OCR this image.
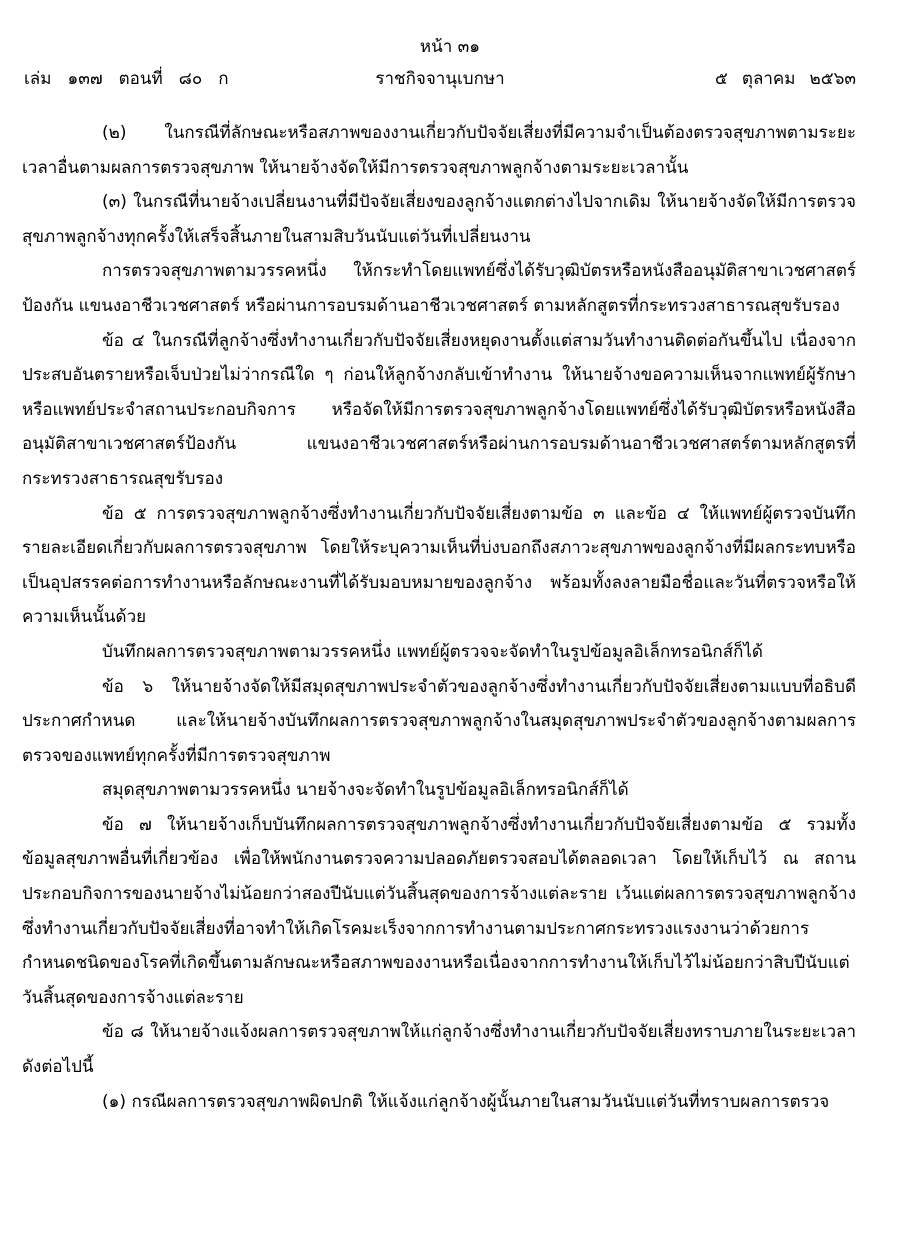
หน้า ๓๑
เล่ม ๑๓๗ ตอนที่ ๘๐ ก	ราชกิจจานุเบกษา	๕ ตุลาคม ๒๕๖๓

(๒) ในกรณีที่ลักษณะหรือสภาพของงานเกี่ยวกับปัจจัยเสี่ยงที่มีความจำเป็นต้องตรวจสุขภาพตามระยะเวลาอื่นตามผลการตรวจสุขภาพ ให้นายจ้างจัดให้มีการตรวจสุขภาพลูกจ้างตามระยะเวลานั้น

(๓) ในกรณีที่นายจ้างเปลี่ยนงานที่มีปัจจัยเสี่ยงของลูกจ้างแตกต่างไปจากเดิม ให้นายจ้างจัดให้มีการตรวจสุขภาพลูกจ้างทุกครั้งให้เสร็จสิ้นภายในสามสิบวันนับแต่วันที่เปลี่ยนงาน

การตรวจสุขภาพตามวรรคหนึ่ง ให้กระทำโดยแพทย์ซึ่งได้รับวุฒิบัตรหรือหนังสืออนุมัติสาขาเวชศาสตร์ป้องกัน แขนงอาชีวเวชศาสตร์ หรือผ่านการอบรมด้านอาชีวเวชศาสตร์ ตามหลักสูตรที่กระทรวงสาธารณสุขรับรอง

ข้อ ๔ ในกรณีที่ลูกจ้างซึ่งทำงานเกี่ยวกับปัจจัยเสี่ยงหยุดงานตั้งแต่สามวันทำงานติดต่อกันขึ้นไป เนื่องจากประสบอันตรายหรือเจ็บป่วยไม่ว่ากรณีใด ๆ ก่อนให้ลูกจ้างกลับเข้าทำงาน ให้นายจ้างขอความเห็นจากแพทย์ผู้รักษาหรือแพทย์ประจำสถานประกอบกิจการ หรือจัดให้มีการตรวจสุขภาพลูกจ้างโดยแพทย์ซึ่งได้รับวุฒิบัตรหรือหนังสืออนุมัติสาขาเวชศาสตร์ป้องกัน แขนงอาชีวเวชศาสตร์หรือผ่านการอบรมด้านอาชีวเวชศาสตร์ตามหลักสูตรที่กระทรวงสาธารณสุขรับรอง

ข้อ ๕ การตรวจสุขภาพลูกจ้างซึ่งทำงานเกี่ยวกับปัจจัยเสี่ยงตามข้อ ๓ และข้อ ๔ ให้แพทย์ผู้ตรวจบันทึกรายละเอียดเกี่ยวกับผลการตรวจสุขภาพ โดยให้ระบุความเห็นที่บ่งบอกถึงสภาวะสุขภาพของลูกจ้างที่มีผลกระทบหรือเป็นอุปสรรคต่อการทำงานหรือลักษณะงานที่ได้รับมอบหมายของลูกจ้าง พร้อมทั้งลงลายมือชื่อและวันที่ตรวจหรือให้ความเห็นนั้นด้วย

บันทึกผลการตรวจสุขภาพตามวรรคหนึ่ง แพทย์ผู้ตรวจจะจัดทำในรูปข้อมูลอิเล็กทรอนิกส์ก็ได้

ข้อ ๖ ให้นายจ้างจัดให้มีสมุดสุขภาพประจำตัวของลูกจ้างซึ่งทำงานเกี่ยวกับปัจจัยเสี่ยงตามแบบที่อธิบดีประกาศกำหนด และให้นายจ้างบันทึกผลการตรวจสุขภาพลูกจ้างในสมุดสุขภาพประจำตัวของลูกจ้างตามผลการตรวจของแพทย์ทุกครั้งที่มีการตรวจสุขภาพ

สมุดสุขภาพตามวรรคหนึ่ง นายจ้างจะจัดทำในรูปข้อมูลอิเล็กทรอนิกส์ก็ได้

ข้อ ๗ ให้นายจ้างเก็บบันทึกผลการตรวจสุขภาพลูกจ้างซึ่งทำงานเกี่ยวกับปัจจัยเสี่ยงตามข้อ ๕ รวมทั้งข้อมูลสุขภาพอื่นที่เกี่ยวข้อง เพื่อให้พนักงานตรวจความปลอดภัยตรวจสอบได้ตลอดเวลา โดยให้เก็บไว้ ณ สถานประกอบกิจการของนายจ้างไม่น้อยกว่าสองปีนับแต่วันสิ้นสุดของการจ้างแต่ละราย เว้นแต่ผลการตรวจสุขภาพลูกจ้างซึ่งทำงานเกี่ยวกับปัจจัยเสี่ยงที่อาจทำให้เกิดโรคมะเร็งจากการทำงานตามประกาศกระทรวงแรงงานว่าด้วยการกำหนดชนิดของโรคที่เกิดขึ้นตามลักษณะหรือสภาพของงานหรือเนื่องจากการทำงานให้เก็บไว้ไม่น้อยกว่าสิบปีนับแต่วันสิ้นสุดของการจ้างแต่ละราย

ข้อ ๘ ให้นายจ้างแจ้งผลการตรวจสุขภาพให้แก่ลูกจ้างซึ่งทำงานเกี่ยวกับปัจจัยเสี่ยงทราบภายในระยะเวลา ดังต่อไปนี้

(๑) กรณีผลการตรวจสุขภาพผิดปกติ ให้แจ้งแก่ลูกจ้างผู้นั้นภายในสามวันนับแต่วันที่ทราบผลการตรวจ
